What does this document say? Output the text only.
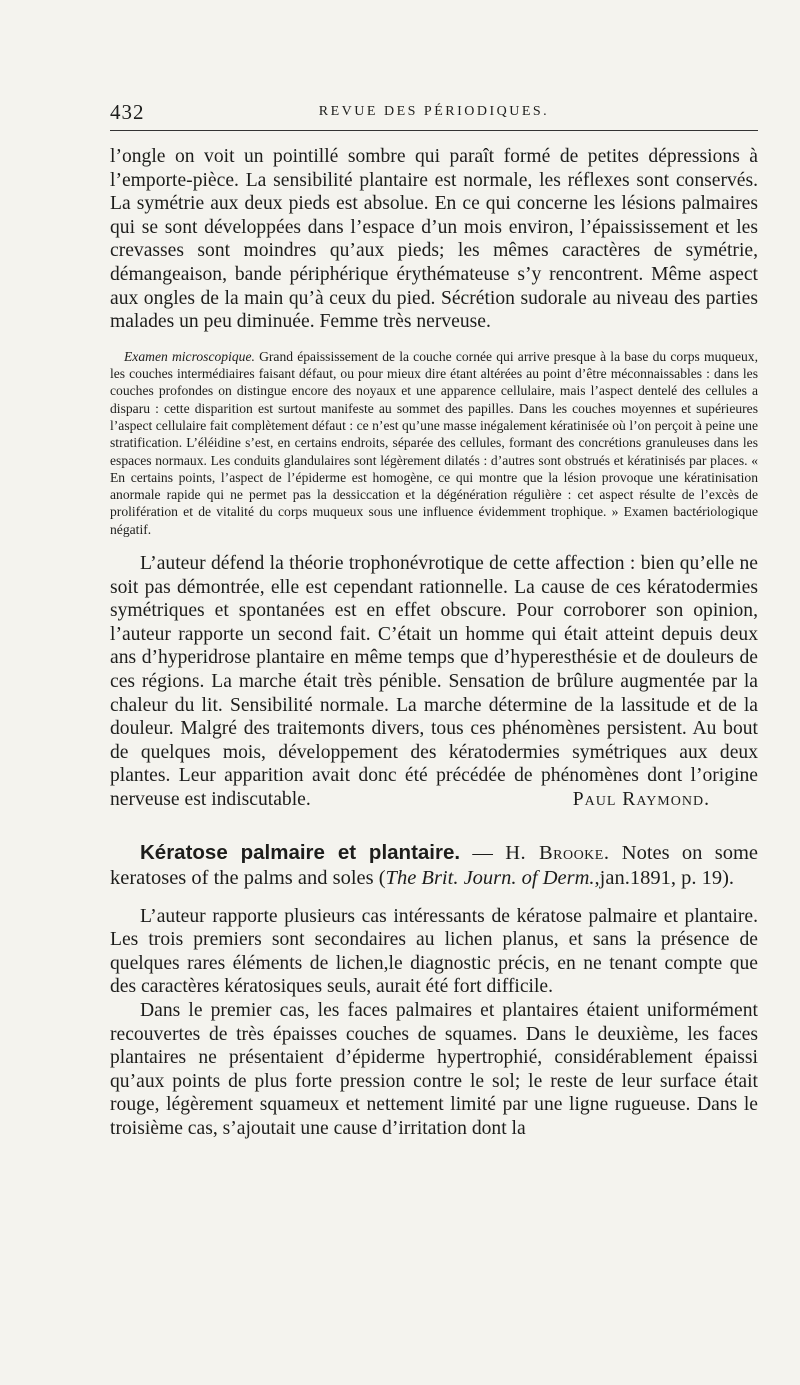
432	REVUE DES PÉRIODIQUES.

l’ongle on voit un pointillé sombre qui paraît formé de petites dépressions à l’emporte-pièce. La sensibilité plantaire est normale, les réflexes sont conservés. La symétrie aux deux pieds est absolue. En ce qui concerne les lésions palmaires qui se sont développées dans l’espace d’un mois environ, l’épaississement et les crevasses sont moindres qu’aux pieds; les mêmes caractères de symétrie, démangeaison, bande périphérique érythémateuse s’y rencontrent. Même aspect aux ongles de la main qu’à ceux du pied. Sécrétion sudorale au niveau des parties malades un peu diminuée. Femme très nerveuse.

Examen microscopique. Grand épaississement de la couche cornée qui arrive presque à la base du corps muqueux, les couches intermédiaires faisant défaut, ou pour mieux dire étant altérées au point d’être méconnaissables : dans les couches profondes on distingue encore des noyaux et une apparence cellulaire, mais l’aspect dentelé des cellules a disparu : cette disparition est surtout manifeste au sommet des papilles. Dans les couches moyennes et supérieures l’aspect cellulaire fait complètement défaut : ce n’est qu’une masse inégalement kératinisée où l’on perçoit à peine une stratification. L’éléidine s’est, en certains endroits, séparée des cellules, formant des concrétions granuleuses dans les espaces normaux. Les conduits glandulaires sont légèrement dilatés : d’autres sont obstrués et kératinisés par places. « En certains points, l’aspect de l’épiderme est homogène, ce qui montre que la lésion provoque une kératinisation anormale rapide qui ne permet pas la dessiccation et la dégénération régulière : cet aspect résulte de l’excès de prolifération et de vitalité du corps muqueux sous une influence évidemment trophique. » Examen bactériologique négatif.

L’auteur défend la théorie trophonévrotique de cette affection : bien qu’elle ne soit pas démontrée, elle est cependant rationnelle. La cause de ces kératodermies symétriques et spontanées est en effet obscure. Pour corroborer son opinion, l’auteur rapporte un second fait. C’était un homme qui était atteint depuis deux ans d’hyperidrose plantaire en même temps que d’hyperesthésie et de douleurs de ces régions. La marche était très pénible. Sensation de brûlure augmentée par la chaleur du lit. Sensibilité normale. La marche détermine de la lassitude et de la douleur. Malgré des traitemonts divers, tous ces phénomènes persistent. Au bout de quelques mois, développement des kératodermies symétriques aux deux plantes. Leur apparition avait donc été précédée de phénomènes dont l’origine nerveuse est indiscutable.	Paul Raymond.

Kératose palmaire et plantaire. — H. Brooke. Notes on some keratoses of the palms and soles (The Brit. Journ. of Derm.,jan.1891, p. 19).

L’auteur rapporte plusieurs cas intéressants de kératose palmaire et plantaire. Les trois premiers sont secondaires au lichen planus, et sans la présence de quelques rares éléments de lichen,le diagnostic précis, en ne tenant compte que des caractères kératosiques seuls, aurait été fort difficile.

Dans le premier cas, les faces palmaires et plantaires étaient uniformément recouvertes de très épaisses couches de squames. Dans le deuxième, les faces plantaires ne présentaient d’épiderme hypertrophié, considérablement épaissi qu’aux points de plus forte pression contre le sol; le reste de leur surface était rouge, légèrement squameux et nettement limité par une ligne rugueuse. Dans le troisième cas, s’ajoutait une cause d’irritation dont la
